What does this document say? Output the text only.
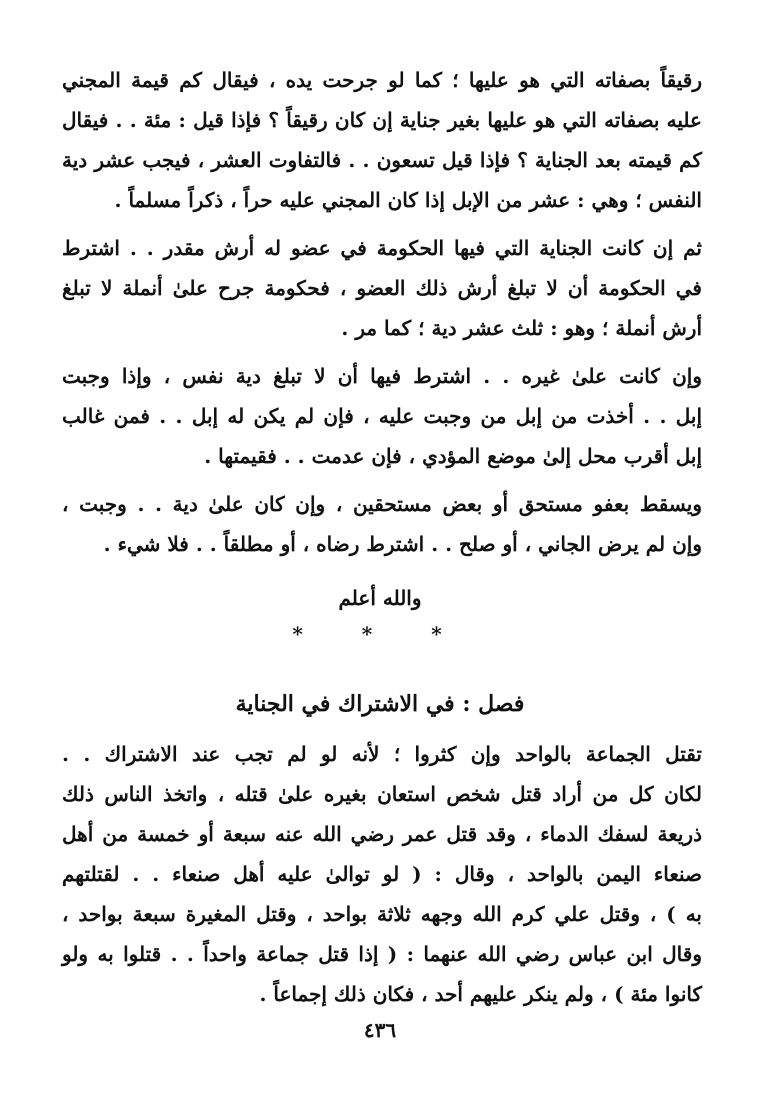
رقيقاً بصفاته التي هو عليها ؛ كما لو جرحت يده ، فيقال كم قيمة المجني
عليه بصفاته التي هو عليها بغير جناية إن كان رقيقاً ؟ فإذا قيل : مئة . . فيقال
كم قيمته بعد الجناية ؟ فإذا قيل تسعون . . فالتفاوت العشر ، فيجب عشر دية
النفس ؛ وهي : عشر من الإبل إذا كان المجني عليه حراً ، ذكراً مسلماً .
ثم إن كانت الجناية التي فيها الحكومة في عضو له أرش مقدر . . اشترط
في الحكومة أن لا تبلغ أرش ذلك العضو ، فحكومة جرح علىٰ أنملة لا تبلغ
أرش أنملة ؛ وهو : ثلث عشر دية ؛ كما مر .
وإن كانت علىٰ غيره . . اشترط فيها أن لا تبلغ دية نفس ، وإذا وجبت
إبل . . أخذت من إبل من وجبت عليه ، فإن لم يكن له إبل . . فمن غالب
إبل أقرب محل إلىٰ موضع المؤدي ، فإن عدمت . . فقيمتها .
ويسقط بعفو مستحق أو بعض مستحقين ، وإن كان علىٰ دية . . وجبت ،
وإن لم يرض الجاني ، أو صلح . . اشترط رضاه ، أو مطلقاً . . فلا شيء .
والله أعلم
* * *
فصل : في الاشتراك في الجناية
تقتل الجماعة بالواحد وإن كثروا ؛ لأنه لو لم تجب عند الاشتراك . .
لكان كل من أراد قتل شخص استعان بغيره علىٰ قتله ، واتخذ الناس ذلك
ذريعة لسفك الدماء ، وقد قتل عمر رضي الله عنه سبعة أو خمسة من أهل
صنعاء اليمن بالواحد ، وقال : ( لو توالىٰ عليه أهل صنعاء . . لقتلتهم
به ) ، وقتل علي كرم الله وجهه ثلاثة بواحد ، وقتل المغيرة سبعة بواحد ،
وقال ابن عباس رضي الله عنهما : ( إذا قتل جماعة واحداً . . قتلوا به ولو
كانوا مئة ) ، ولم ينكر عليهم أحد ، فكان ذلك إجماعاً .
٤٣٦
